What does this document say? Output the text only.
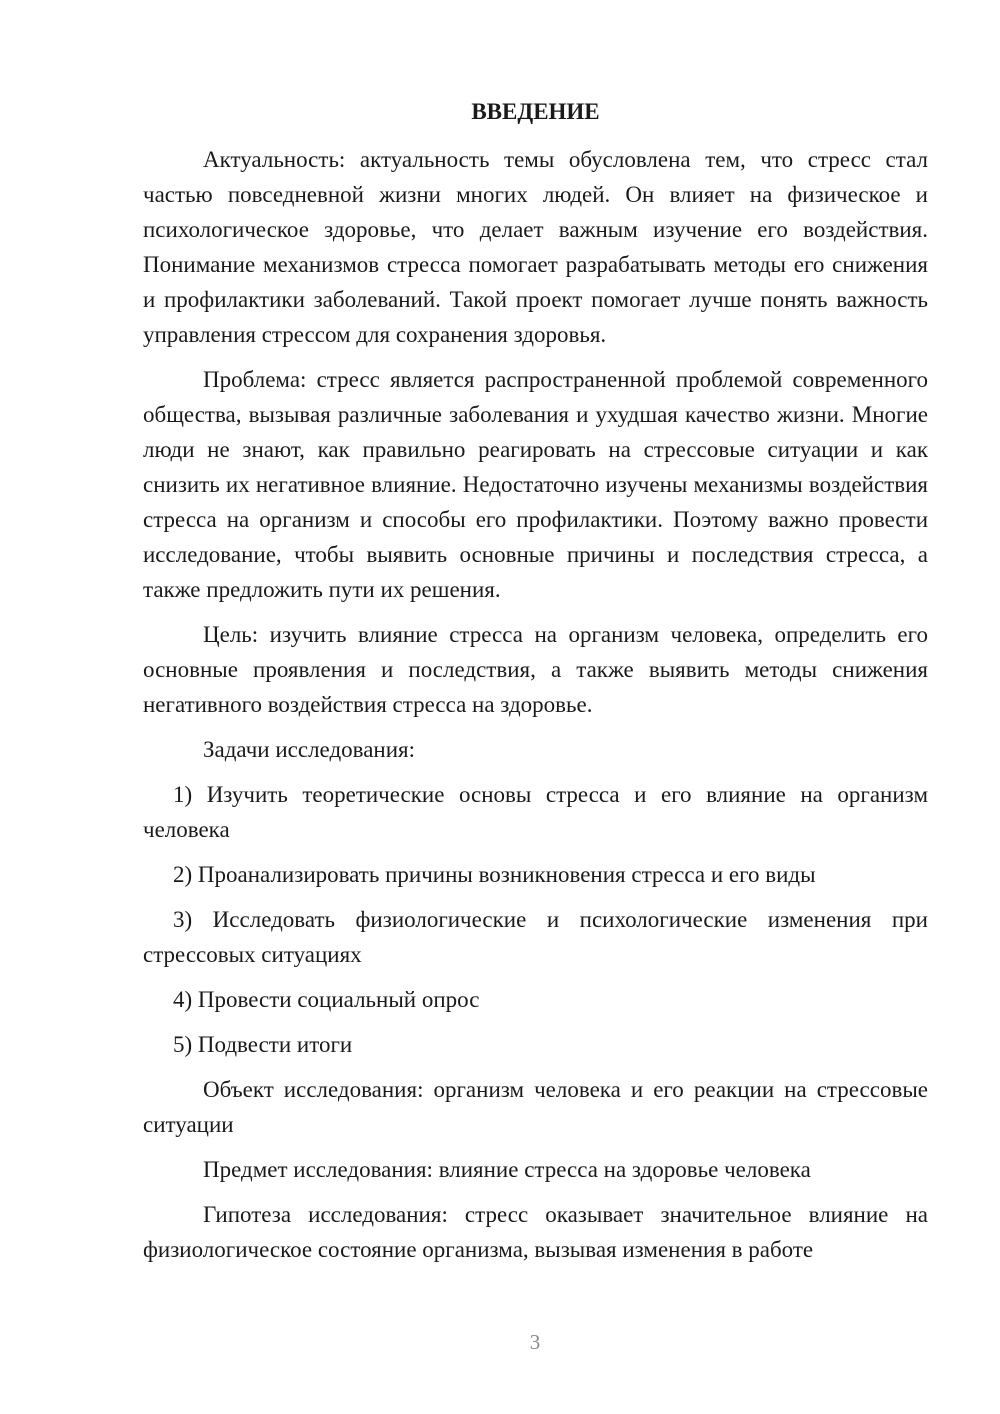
ВВЕДЕНИЕ

Актуальность: актуальность темы обусловлена тем, что стресс стал частью повседневной жизни многих людей. Он влияет на физическое и психологическое здоровье, что делает важным изучение его воздействия. Понимание механизмов стресса помогает разрабатывать методы его снижения и профилактики заболеваний. Такой проект помогает лучше понять важность управления стрессом для сохранения здоровья.

Проблема: стресс является распространенной проблемой современного общества, вызывая различные заболевания и ухудшая качество жизни. Многие люди не знают, как правильно реагировать на стрессовые ситуации и как снизить их негативное влияние. Недостаточно изучены механизмы воздействия стресса на организм и способы его профилактики. Поэтому важно провести исследование, чтобы выявить основные причины и последствия стресса, а также предложить пути их решения.

Цель: изучить влияние стресса на организм человека, определить его основные проявления и последствия, а также выявить методы снижения негативного воздействия стресса на здоровье.

Задачи исследования:

1) Изучить теоретические основы стресса и его влияние на организм человека

2) Проанализировать причины возникновения стресса и его виды

3) Исследовать физиологические и психологические изменения при стрессовых ситуациях

4) Провести социальный опрос

5) Подвести итоги

Объект исследования: организм человека и его реакции на стрессовые ситуации

Предмет исследования: влияние стресса на здоровье человека

Гипотеза исследования: стресс оказывает значительное влияние на физиологическое состояние организма, вызывая изменения в работе

3
